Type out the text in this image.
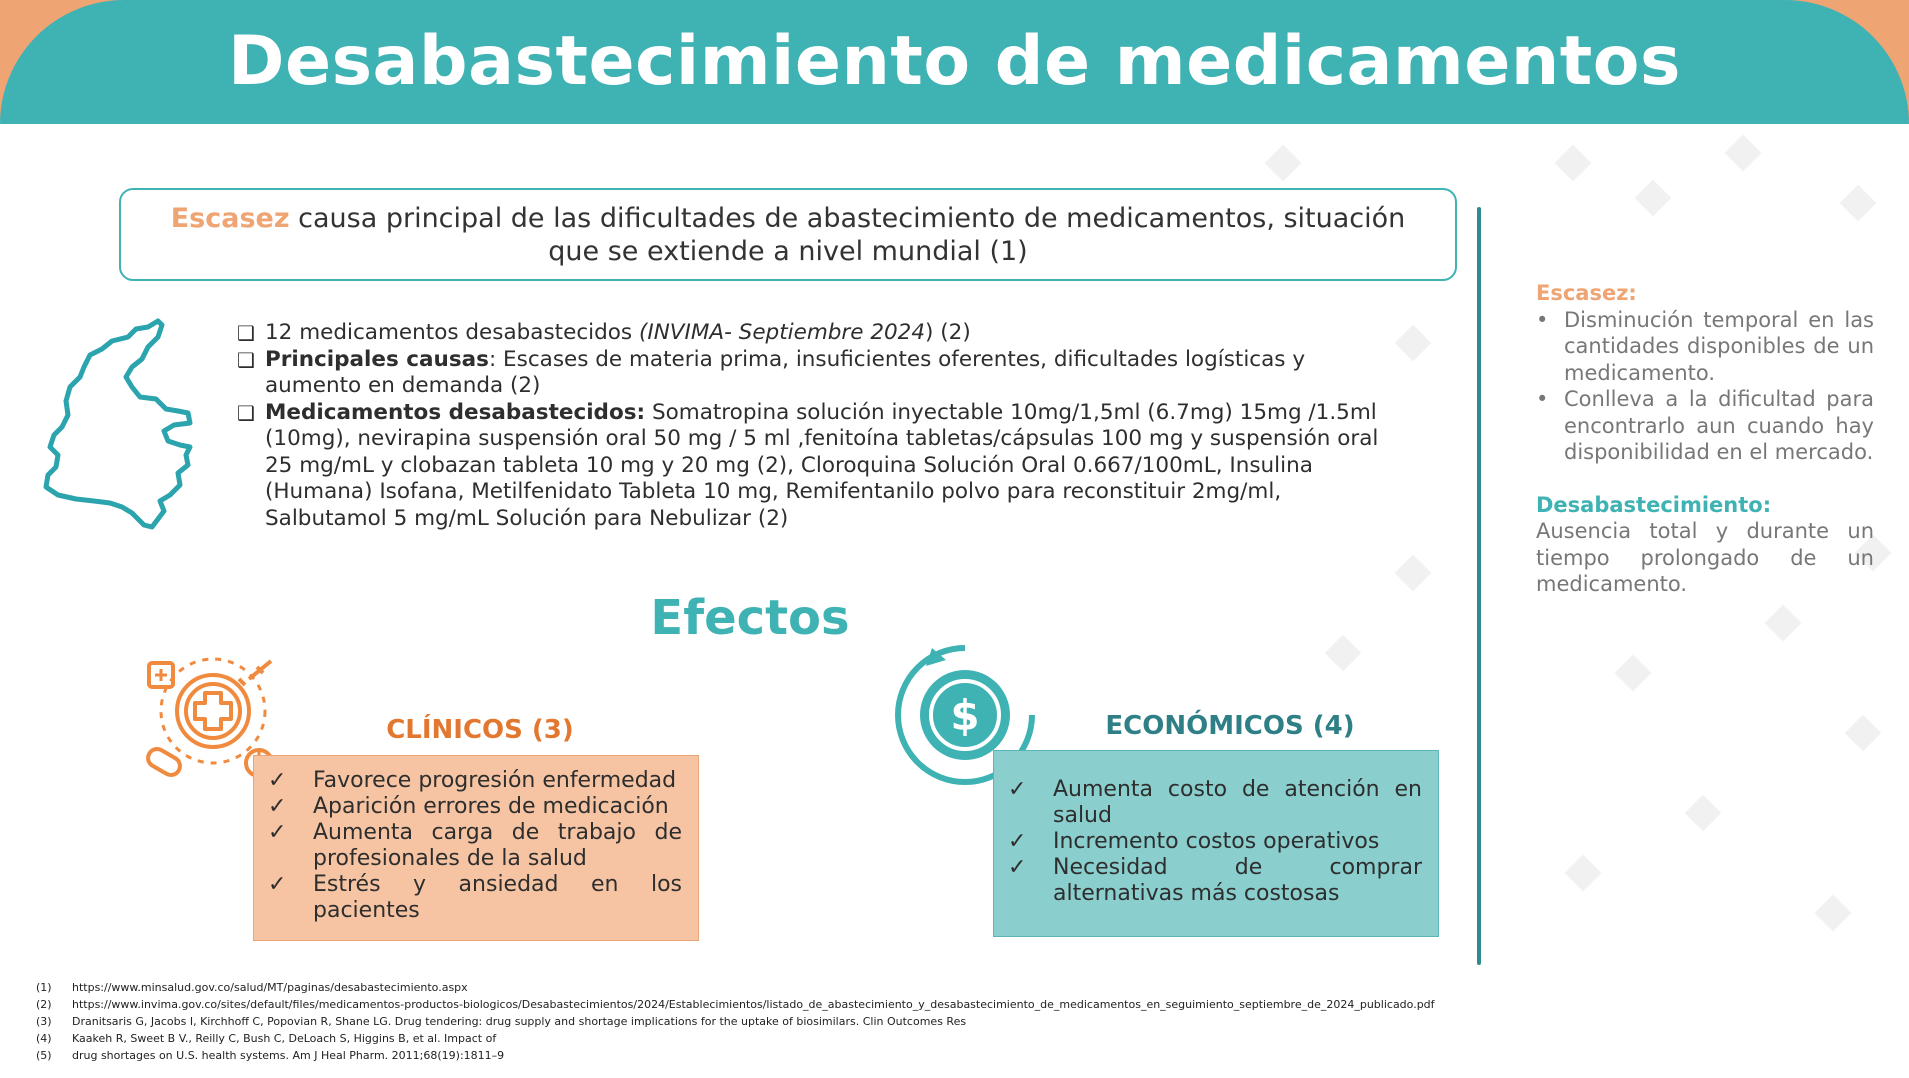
Desabastecimiento de medicamentos
Escasez causa principal de las dificultades de abastecimiento de medicamentos, situación
que se extiende a nivel mundial (1)
❑ 12 medicamentos desabastecidos (INVIMA- Septiembre 2024) (2)
❑ Principales causas: Escases de materia prima, insuficientes oferentes, dificultades logísticas y aumento en demanda (2)
❑ Medicamentos desabastecidos: Somatropina solución inyectable 10mg/1,5ml (6.7mg) 15mg /1.5ml (10mg), nevirapina suspensión oral 50 mg / 5 ml ,fenitoína tabletas/cápsulas 100 mg y suspensión oral 25 mg/mL y clobazan tableta 10 mg y 20 mg (2), Cloroquina Solución Oral 0.667/100mL, Insulina (Humana) Isofana, Metilfenidato Tableta 10 mg, Remifentanilo polvo para reconstituir 2mg/ml, Salbutamol 5 mg/mL Solución para Nebulizar (2)
Efectos
CLÍNICOS (3)
✓	Favorece progresión enfermedad
✓	Aparición errores de medicación
✓	Aumenta carga de trabajo de profesionales de la salud
✓	Estrés y ansiedad en los pacientes
$	ECONÓMICOS (4)
✓	Aumenta costo de atención en salud
✓	Incremento costos operativos
✓	Necesidad de comprar alternativas más costosas
Escasez:
• Disminución temporal en las cantidades disponibles de un medicamento.
• Conlleva a la dificultad para encontrarlo aun cuando hay disponibilidad en el mercado.
Desabastecimiento:
Ausencia total y durante un tiempo prolongado de un medicamento.
(1)	https://www.minsalud.gov.co/salud/MT/paginas/desabastecimiento.aspx
(2)	https://www.invima.gov.co/sites/default/files/medicamentos-productos-biologicos/Desabastecimientos/2024/Establecimientos/listado_de_abastecimiento_y_desabastecimiento_de_medicamentos_en_seguimiento_septiembre_de_2024_publicado.pdf
(3)	Dranitsaris G, Jacobs I, Kirchhoff C, Popovian R, Shane LG. Drug tendering: drug supply and shortage implications for the uptake of biosimilars. Clin Outcomes Res
(4)	Kaakeh R, Sweet B V., Reilly C, Bush C, DeLoach S, Higgins B, et al. Impact of
(5)	drug shortages on U.S. health systems. Am J Heal Pharm. 2011;68(19):1811–9
